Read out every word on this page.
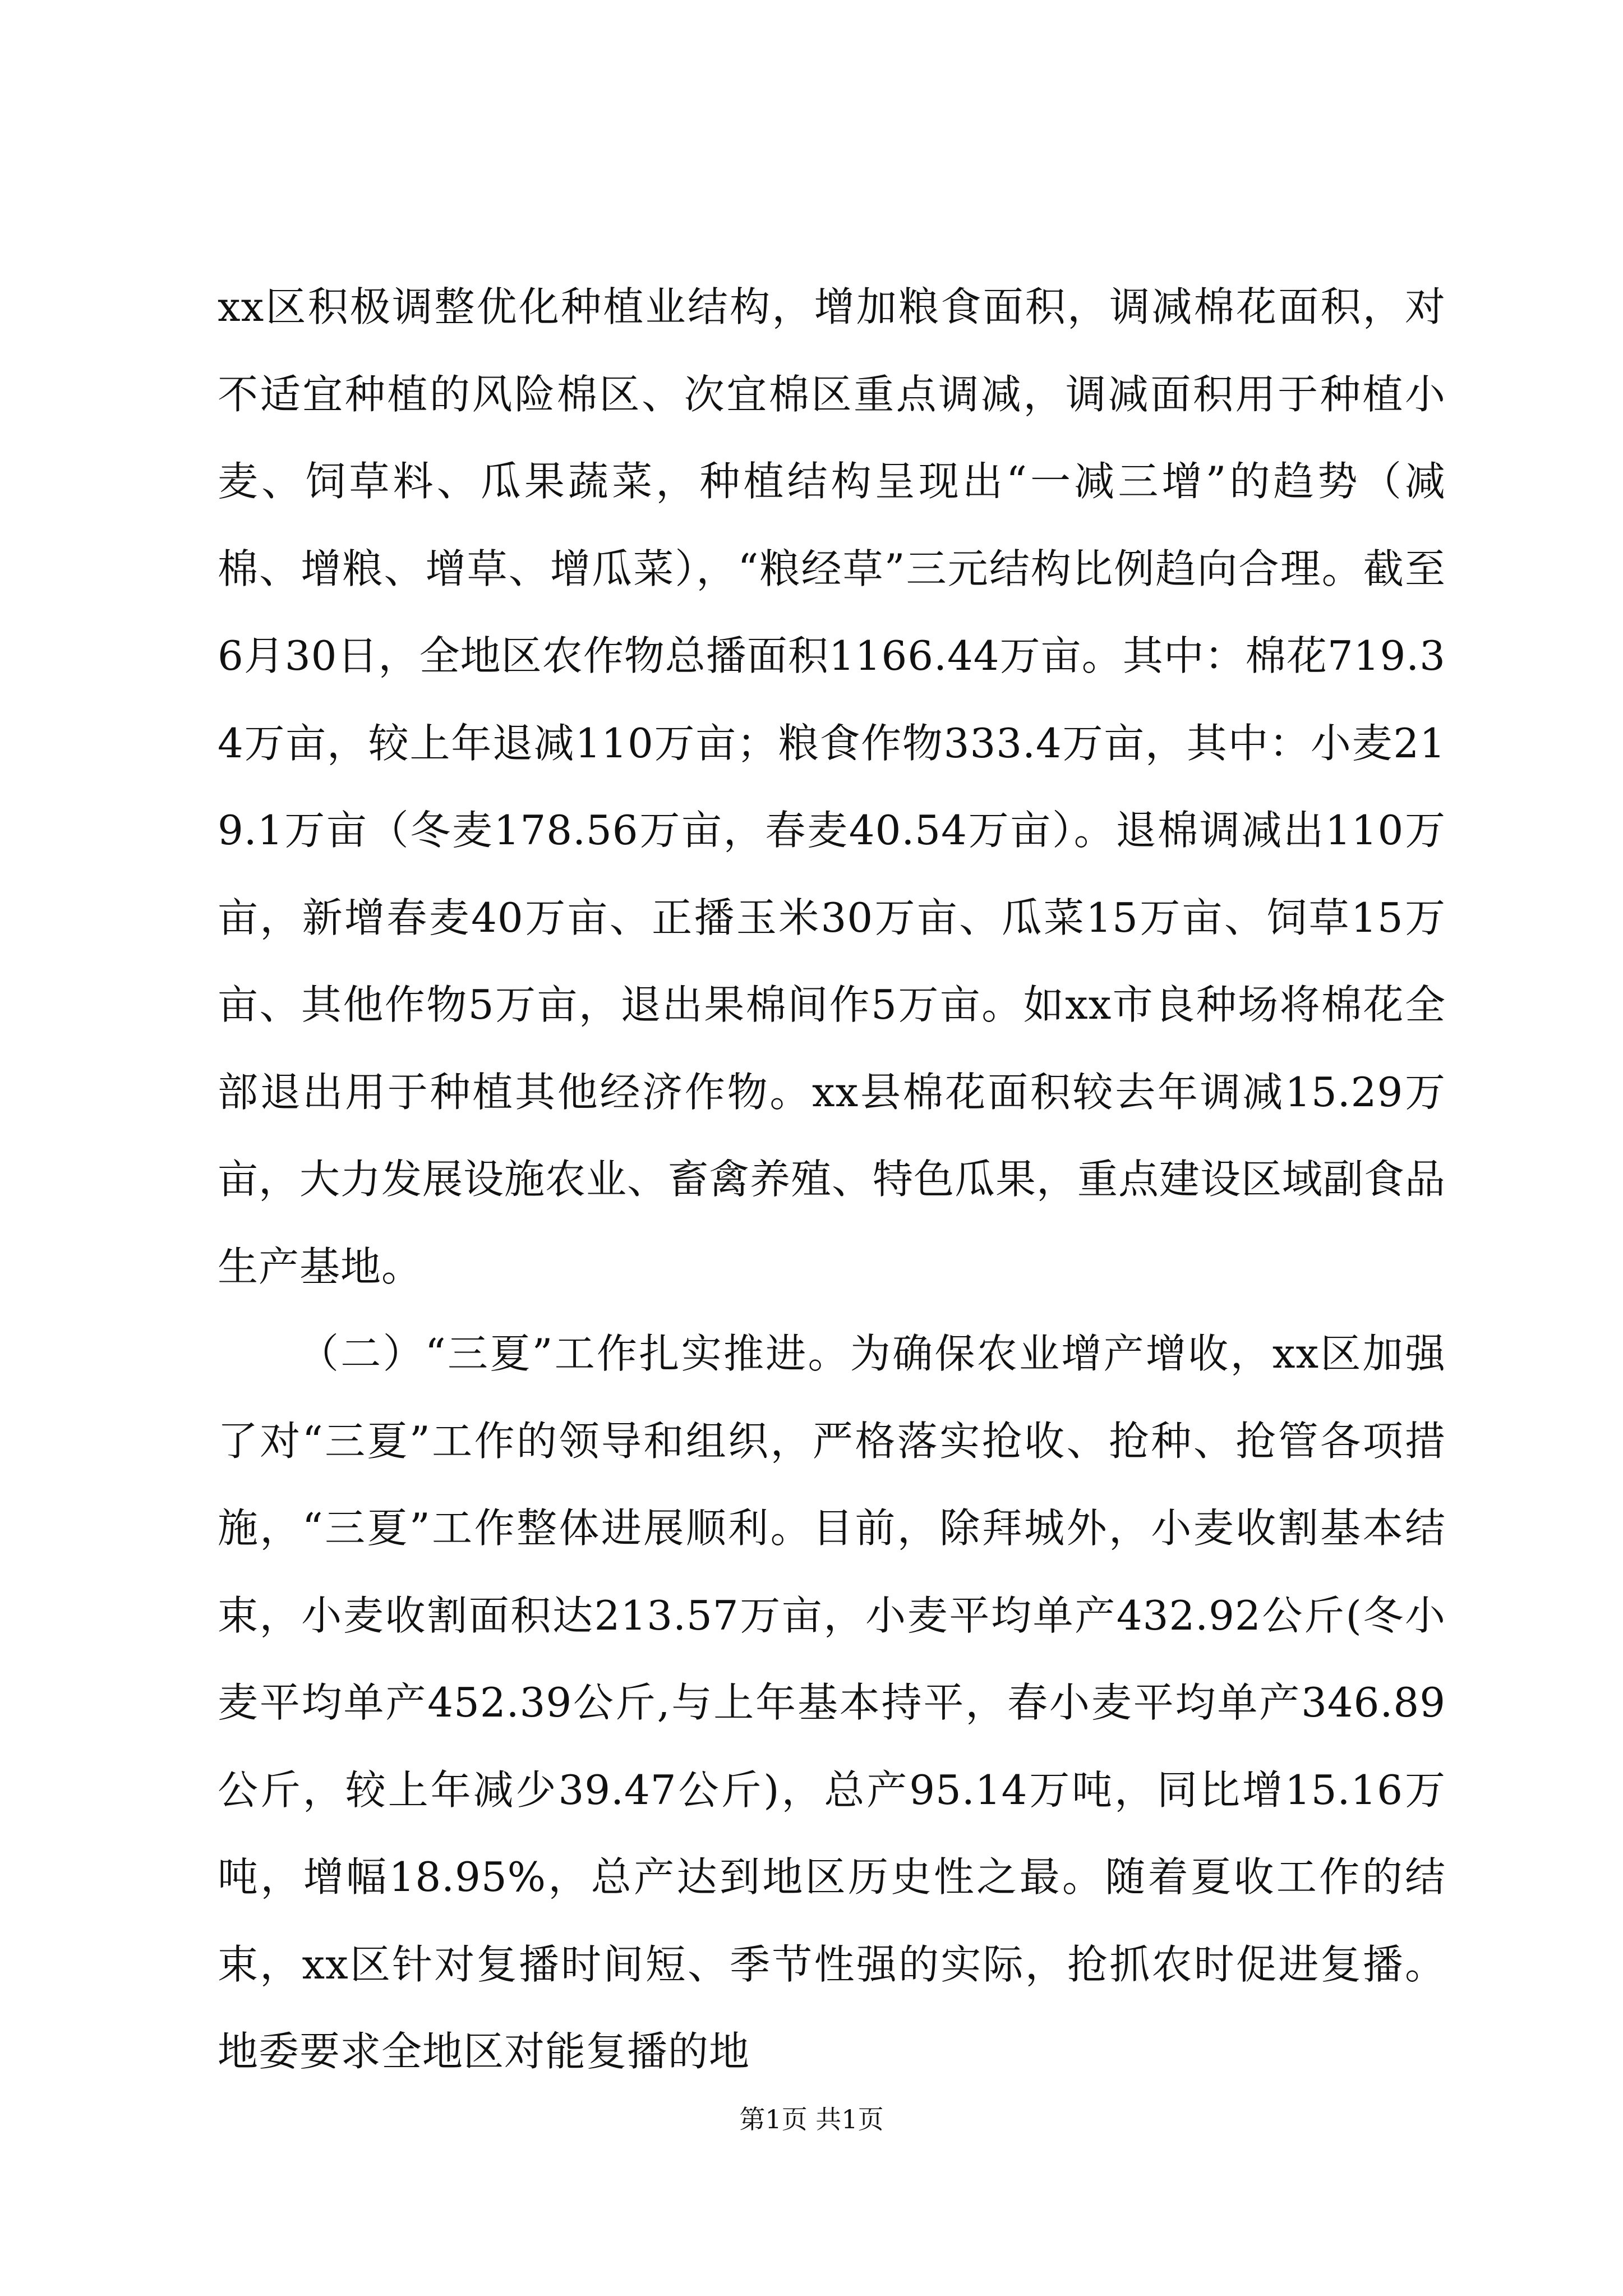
xx区积极调整优化种植业结构，增加粮食面积，调减棉花面积，对不适宜种植的风险棉区、次宜棉区重点调减，调减面积用于种植小麦、饲草料、瓜果蔬菜，种植结构呈现出“一减三增”的趋势（减棉、增粮、增草、增瓜菜），“粮经草”三元结构比例趋向合理。截至6月30日，全地区农作物总播面积1166.44万亩。其中：棉花719.34万亩，较上年退减110万亩；粮食作物333.4万亩，其中：小麦219.1万亩（冬麦178.56万亩，春麦40.54万亩）。退棉调减出110万亩，新增春麦40万亩、正播玉米30万亩、瓜菜15万亩、饲草15万亩、其他作物5万亩，退出果棉间作5万亩。如xx市良种场将棉花全部退出用于种植其他经济作物。xx县棉花面积较去年调减15.29万亩，大力发展设施农业、畜禽养殖、特色瓜果，重点建设区域副食品生产基地。

（二）“三夏”工作扎实推进。为确保农业增产增收，xx区加强了对“三夏”工作的领导和组织，严格落实抢收、抢种、抢管各项措施，“三夏”工作整体进展顺利。目前，除拜城外，小麦收割基本结束，小麦收割面积达213.57万亩，小麦平均单产432.92公斤(冬小麦平均单产452.39公斤,与上年基本持平，春小麦平均单产346.89公斤，较上年减少39.47公斤)，总产95.14万吨，同比增15.16万吨，增幅18.95%，总产达到地区历史性之最。随着夏收工作的结束，xx区针对复播时间短、季节性强的实际，抢抓农时促进复播。地委要求全地区对能复播的地

第1页 共1页
